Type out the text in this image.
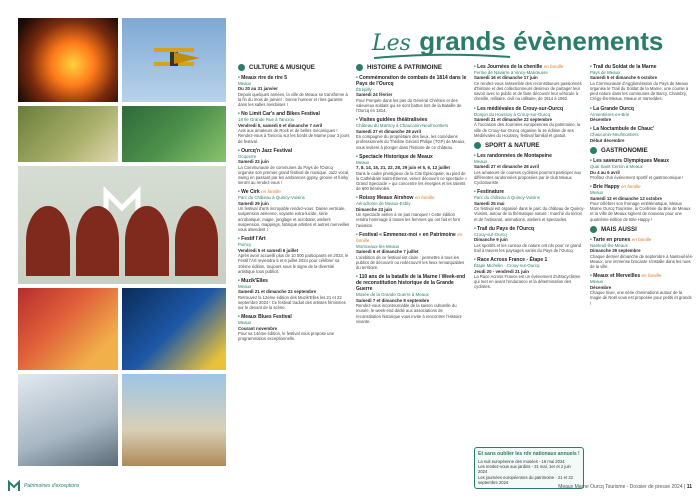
Les grands évènements
CULTURE & MUSIQUE
• Meaux rire de rire 5
Meaux
Du 20 au 31 janvier
Depuis quelques années, la ville de Meaux se transforme à la fin du mois de janvier : bonne humeur et rires garantis dans les salles meldoises !
• No Limit Car's and Bikes Festival
18 Ile Grande Rue à Tancrou
Vendredi 5, samedi 6 et dimanche 7 avril
Avis aux amateurs de Rock et de belles mécaniques ! Rendez-vous à Tancrou sur les bords de Marne pour 3 jours de festival.
• Ourcq'n Jazz Festival
Ocquerre
Samedi 22 juin
La Communauté de communes du Pays de l'Ourcq organise son premier grand festival de musique. Jazz vocal, swing en passant par les ambiances gypsy, groove et funky seront au rendez-vous !
• We Cirk en famille
Parc du Château à Quincy-Voisins
Samedi 29 juin
Un festival d'arts incroyable rendez-vous. Danse verticale, suspension aérienne, voyante extra-lucide, série acrobatique, magie, jonglage et acrobatie, ateliers suspension, mappings, fabrique artistes et autres merveilles vous attendent !
• Festif l'Art
Poincy
Vendredi 5 et samedi 6 juillet
Après avoir accueilli plus de 10 000 participants en 2023, le Festif l'Art reviendra 5 et 6 juillet 2024 pour célébrer sa 10ème édition, toujours sous le signe de la diversité artistique tous publics.
• Muzik'Elles
Meaux
Samedi 21 et dimanche 22 septembre
Retrouvez la 12ème édition des Muzik'Elles les 21 et 22 septembre 2024 ! Ce festival traduit des artistes féminines sur le devant de la scène.
• Meaux Blues Festival
Meaux
Courant novembre
Pour sa 14ème édition, le festival vous propose une programmation exceptionnelle.
HISTOIRE & PATRIMOINE
• Commémoration de combats de 1814 dans le Pays de l'Ourcq
Étrépilly
Samedi 24 février
Pour Pompée dans les pas du Général Chrétien et des valeureux soldats qui se sont battus lors de la Bataille de l'Ourcq en 1814.
• Visites guidées théâtralisées
Château du Martroy à Chauconin-Neufmontiers
Samedi 27 et dimanche 28 avril
En compagnie du propriétaire des lieux, les comédiens professionnels du Théâtre Gérard Philipe (TGP) de Meaux, vous invitent à plonger dans l'histoire de ce château.
• Spectacle Historique de Meaux
Meaux
7, 8, 14, 15, 21, 22, 28, 29 juin et 5, 6, 12 juillet
Dans le cadre prestigieux de la Cité Épiscopale, au pied de la Cathédrale Saint-Étienne, venez découvrir ce spectacle « Grand Spectacle » qui concentre les énergies et les talents de 600 bénévoles.
• Roissy Meaux Airshow en famille
Aérodrome de Meaux-Esbly
Dimanche 23 juin
Un spectacle aérien à ne pas manquer ! Cette édition rendra hommage à toutes les femmes qui ont fait et font l'aviation.
• Festival « Emmenez-moi » en Patrimoine en famille
Montceaux-lès-Meaux
Samedi 6 et dimanche 7 juillet
L'ambition de ce festival est claire : permettre à tous les publics de découvrir ou redécouvrir les lieux remarquables du territoire.
• 110 ans de la bataille de la Marne / Week-end de reconstitution historique de la Grande Guerre
Musée de la Grande Guerre à Meaux
Samedi 7 et dimanche 8 septembre
Rendez-vous incontournable de la saison culturelle du musée, le week-end dédié aux associations de reconstitution historique vous invite à rencontrer l'Histoire vivante.
• Les Journées de la chenille en famille
Ferme de Navarre à Vincy-Manœuvre
Samedi 16 et dimanche 17 juin
Ce rendez-vous rassemble des reconstitueurs passionnés d'histoire et des collectionneurs désireux de partager leur savoir avec le public et de faire découvrir leur véhicule à chenille, militaire, civil ou utilitaire, de 1914 à 1962.
• Les médiévales de Crouy-sur-Ourcq
Donjon du Houssoy à Crouy-sur-Ourcq
Samedi 21 et dimanche 22 septembre
À l'occasion des Journées européennes du patrimoine, la ville de Crouy-sur-Ourcq organise la 2e édition de ses Médiévales du Houssoy, festival familial et gratuit.
SPORT & NATURE
• Les randonnées de Montapeine
Meaux
Samedi 27 et dimanche 28 avril
Les amateurs de courses cyclistes pourront participer aux différentes randonnées proposées par le club Meaux Cyclotouriste.
• Festinature
Parc du château à Quincy-Voisins
Samedi 25 mai
Ce festival est organisé dans le parc du château de Quincy-Voisins, autour de la thématique nature : marché du terroir et de l'artisanat, animations, ateliers et spectacles.
• Trail du Pays de l'Ourcq
Crouy-sur-Ourcq
Dimanche 9 juin
Les sportifs et les curieux de nature ont rdv pour ce grand trail à travers les paysages variés du Pays de l'Ourcq.
• Race Across France - Étape 1
Étape Michelin - Crouy-sur-Ourcq
Jeudi 20 - vendredi 21 juin
La Race Across France est un événement d'ultracyclisme qui met en avant l'endurance et la détermination des cyclistes.
• Trail du Soldat de la Marne
Pays de Meaux
Samedi 5 et dimanche 6 octobre
La Communauté d'Agglomération du Pays de Meaux organise le Trail du Soldat de la Marne, une course à pied nature dans les communes de Barcy, Chambry, Crégy-lès-Meaux, Meaux et Varreddes.
• La Grande Ourcq
Armentières-en-Brie
Décembre
• La Noctambule de Chauc'
Chauconin-Neufmontiers
Début décembre
GASTRONOMIE
• Les saveurs Olympiques Meaux
Quai Saint Cernin à Meaux
Du 4 au 6 avril
Profitez d'un événement sportif et gastronomique !
• Brie Happy en famille
Meaux
Samedi 12 et dimanche 13 octobre
Pour célébrer son fromage emblématique, Meaux Marne Ourcq Tourisme, la Confrérie du Brie de Meaux et la Ville de Meaux signent de nouveau pour une quatrième édition de Brie Happy !
MAIS AUSSI
• Tarte en prunes en famille
Nanteuil-lès-Meaux
Dimanche 29 septembre
Chaque dernier dimanche de septembre à Nanteuil-lès-Meaux, une immense brocante s'installe dans les rues de la ville.
• Meaux et Merveilles en famille
Meaux
Décembre
Chaque hiver, une série d'animations autour de la magie de Noël vous est proposée pour petits et grands !
Et sans oublier les rdv nationaux annuels !
La nuit européenne des musées - 18 mai 2024
Les rendez-vous aux jardins - 31 mai, 1er et 2 juin 2024
Les journées européennes du patrimoine - 21 et 22 septembre 2024
Patrimoines d'exceptions	Meaux Marne Ourcq Tourisme - Dossier de presse 2024 | 11
